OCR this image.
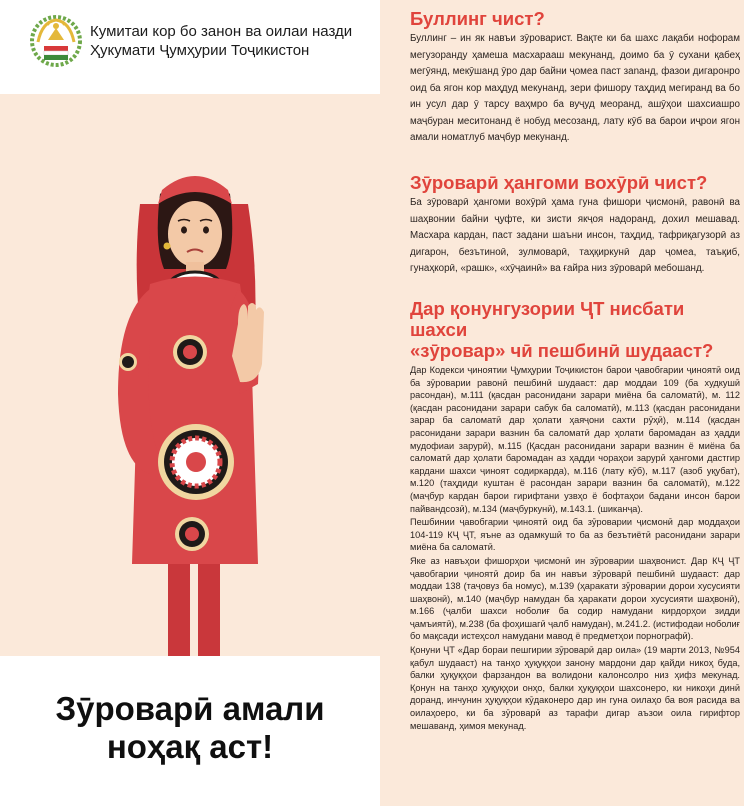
Кумитаи кор бо занон ва оилаи назди
Ҳукумати Ҷумҳурии Тоҷикистон
Зӯроварӣ амали
ноҳақ аст!
Буллинг чист?

Буллинг – ин як навъи зӯроварист. Вақте ки ба шахс лақаби нофорам мегузоранду ҳамеша масхарааш мекунанд, доимо ба ӯ сухани қабеҳ мегӯянд, мекӯшанд ӯро дар байни ҷомеа паст заnанд, фазои дигаронро оид ба ягон кор маҳдуд мекунанд, зери фишору таҳдид мегиранд ва бо ин усул дар ӯ тарсу ваҳмро ба вуҷуд меоранд, ашӯҳои шахсиашро маҷбуран меситонанд ё нобуд месозанд, лату кӯб ва барои иҷрои ягон амали номатлуб маҷбур мекунанд.

Зӯроварӣ ҳангоми вохӯрӣ чист?

Ба зӯроварӣ ҳангоми вохӯрӣ ҳама гуна фишори ҷисмонӣ, равонӣ ва шаҳвонии байни ҷуфте, ки зисти якҷоя надоранд, дохил мешавад. Масхара кардан, паст задани шаъни инсон, таҳдид, тафриқагузорӣ аз дигарон, безътиноӣ, зулмоварӣ, таҳқиркунӣ дар ҷомеа, таъқиб, гунаҳкорӣ, «рашк», «хӯҷаинӣ» ва ғайра низ зӯроварӣ мебошанд.

Дар қонунгузории ҶТ нисбати шахси
«зӯровар» чӣ пешбинӣ шудааст?

Дар Кодекси ҷиноятии Ҷумҳурии Тоҷикистон барои ҷавобгарии ҷиноятӣ оид ба зӯроварии равонӣ пешбинӣ шудааст: дар моддаи 109 (ба худкушӣ расондан), м.111 (қасдан расонидани зарари миёна ба саломатӣ), м. 112 (қасдан расонидани зарари сабук ба саломатӣ), м.113 (қасдан расонидани зарар ба саломатӣ дар ҳолати ҳаяҷони сахти рӯҳӣ), м.114 (қасдан расонидани зарари вазнин ба саломатӣ дар ҳолати баромадан аз ҳадди мудофиаи зарурӣ), м.115 (Қасдан расонидани зарари вазнин ё миёна ба саломатӣ дар ҳолати баромадан аз ҳадди чораҳои зарурӣ ҳангоми дастгир кардани шахси ҷиноят содиркарда), м.116 (лату кӯб), м.117 (азоб уқубат), м.120 (таҳдиди куштан ё расондан зарари вазнин ба саломатӣ), м.122 (маҷбур кардан барои гирифтани узвҳо ё бофтаҳои бадани инсон барои пайвандсозӣ), м.134 (маҷбуркунӣ), м.143.1. (шиканҷа).

Пешбинии ҷавобгарии ҷиноятӣ оид ба зӯроварии ҷисмонӣ дар моддаҳои 104-119 КҶ ҶТ, яъне аз одамкушӣ то ба аз безътиётӣ расонидани зарари миёна ба саломатӣ.

Яке аз навъҳои фишорҳои ҷисмонӣ ин зӯроварии шаҳвонист. Дар КҶ ҶТ ҷавобгарии ҷиноятӣ доир ба ин навъи зӯроварӣ пешбинӣ шудааст: дар моддаи 138 (таҷовуз ба номус), м.139 (ҳаракати зӯроварии дорои хусусияти шаҳвонӣ), м.140 (маҷбур намудан ба ҳаракати дорои хусусияти шаҳвонӣ), м.166 (ҷалби шахси ноболиғ ба содир намудани кирдорҳои зидди ҷамъиятӣ), м.238 (ба фоҳишагӣ ҷалб намудан), м.241.2. (истифодаи ноболиғ бо мақсади истеҳсол намудани мавод ё предметҳои порнографӣ).

Қонуни ҶТ «Дар бораи пешгирии зӯроварӣ дар оила» (19 марти 2013, №954 қабул шудааст) на танҳо ҳуқуқҳои занону мардони дар қайди никоҳ буда, балки ҳуқуқҳои фарзандон ва волидони калонсолро низ ҳифз мекунад. Қонун на танҳо ҳуқуқҳои онҳо, балки ҳуқуқҳои шахсонеро, ки никоҳи динӣ доранд, инчунин ҳуқуқҳои кӯдаконеро дар ин гуна оилаҳо ба воя расида ва оилаҳоеро, ки ба зӯроварӣ аз тарафи дигар аъзои оила гирифтор мешаванд, ҳимоя мекунад.
